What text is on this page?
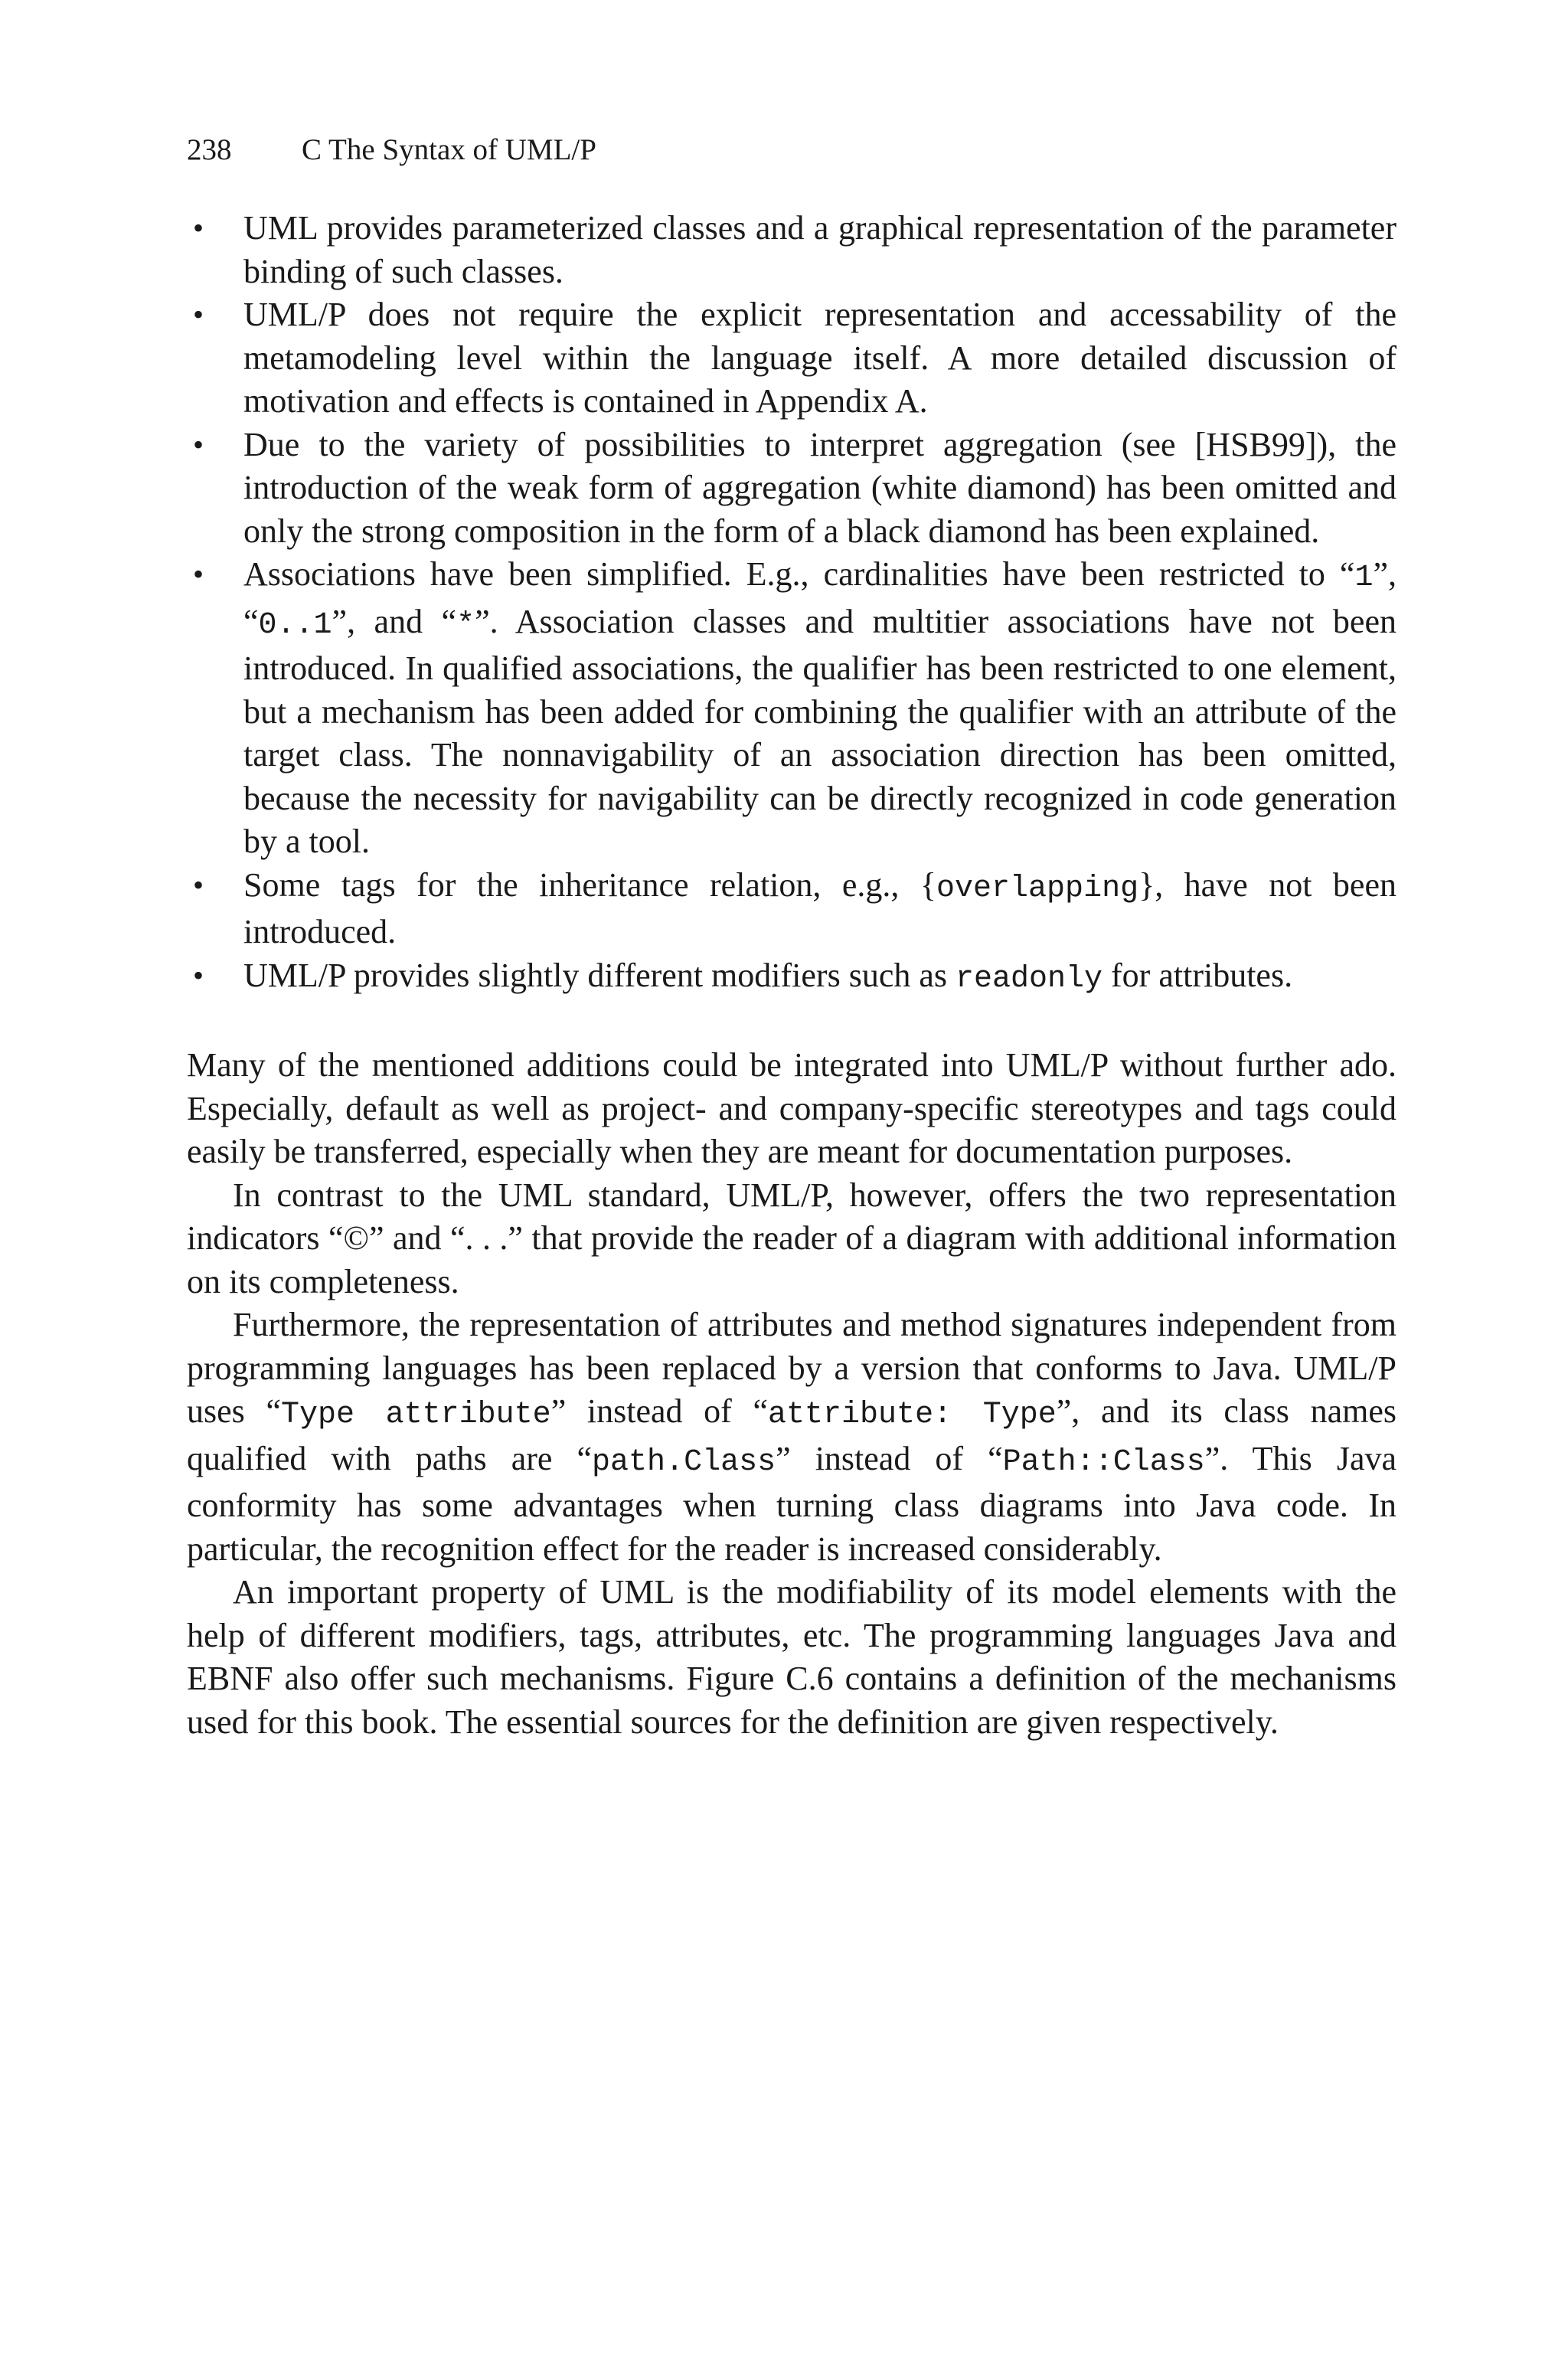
238 C The Syntax of UML/P
• UML provides parameterized classes and a graphical representation of the parameter binding of such classes.
• UML/P does not require the explicit representation and accessability of the metamodeling level within the language itself. A more detailed discussion of motivation and effects is contained in Appendix A.
• Due to the variety of possibilities to interpret aggregation (see [HSB99]), the introduction of the weak form of aggregation (white diamond) has been omitted and only the strong composition in the form of a black diamond has been explained.
• Associations have been simplified. E.g., cardinalities have been restricted to “1”, “0..1”, and “*”. Association classes and multitier associations have not been introduced. In qualified associations, the qualifier has been restricted to one element, but a mechanism has been added for combining the qualifier with an attribute of the target class. The nonnavigability of an association direction has been omitted, because the necessity for navigability can be directly recognized in code generation by a tool.
• Some tags for the inheritance relation, e.g., {overlapping}, have not been introduced.
• UML/P provides slightly different modifiers such as readonly for attributes.

Many of the mentioned additions could be integrated into UML/P without further ado. Especially, default as well as project- and company-specific stereotypes and tags could easily be transferred, especially when they are meant for documentation purposes.

In contrast to the UML standard, UML/P, however, offers the two representation indicators “©” and “. . .” that provide the reader of a diagram with additional information on its completeness.

Furthermore, the representation of attributes and method signatures independent from programming languages has been replaced by a version that conforms to Java. UML/P uses “Type attribute” instead of “attribute: Type”, and its class names qualified with paths are “path.Class” instead of “Path::Class”. This Java conformity has some advantages when turning class diagrams into Java code. In particular, the recognition effect for the reader is increased considerably.

An important property of UML is the modifiability of its model elements with the help of different modifiers, tags, attributes, etc. The programming languages Java and EBNF also offer such mechanisms. Figure C.6 contains a definition of the mechanisms used for this book. The essential sources for the definition are given respectively.
